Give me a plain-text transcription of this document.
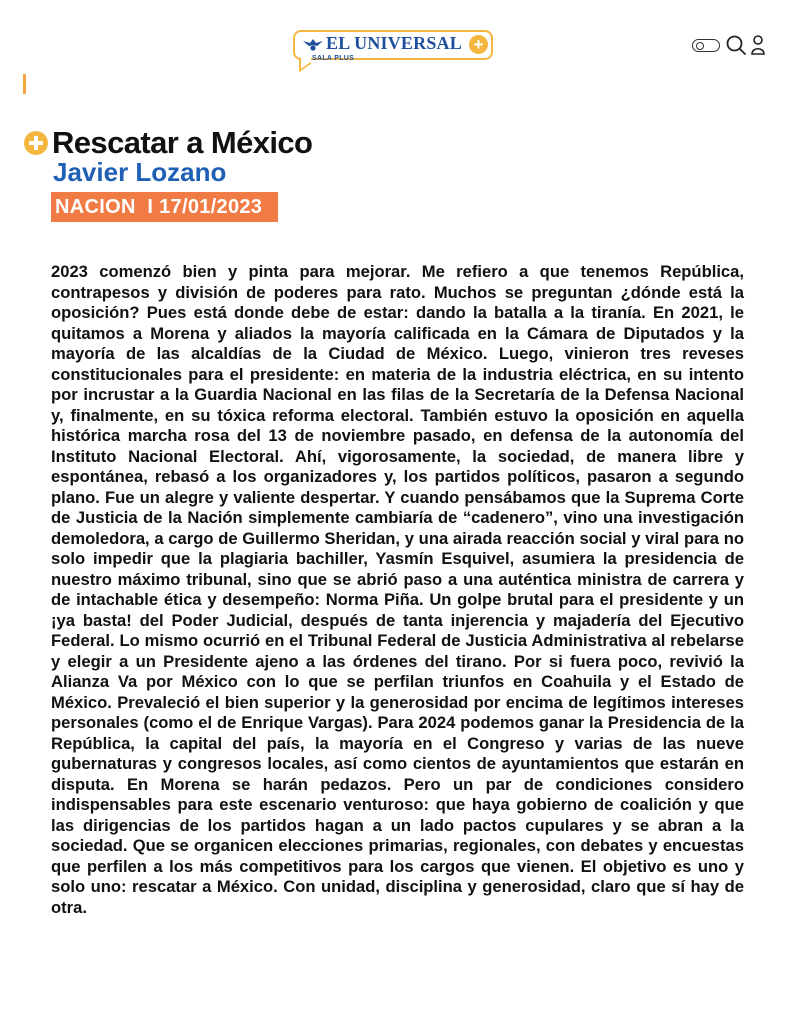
EL UNIVERSAL +
SALA PLUS
Rescatar a México
Javier Lozano
NACION  I 17/01/2023

2023 comenzó bien y pinta para mejorar. Me refiero a que tenemos República, contrapesos y división de poderes para rato. Muchos se preguntan ¿dónde está la oposición? Pues está donde debe de estar: dando la batalla a la tiranía. En 2021, le quitamos a Morena y aliados la mayoría calificada en la Cámara de Diputados y la mayoría de las alcaldías de la Ciudad de México. Luego, vinieron tres reveses constitucionales para el presidente: en materia de la industria eléctrica, en su intento por incrustar a la Guardia Nacional en las filas de la Secretaría de la Defensa Nacional y, finalmente, en su tóxica reforma electoral. También estuvo la oposición en aquella histórica marcha rosa del 13 de noviembre pasado, en defensa de la autonomía del Instituto Nacional Electoral. Ahí, vigorosamente, la sociedad, de manera libre y espontánea, rebasó a los organizadores y, los partidos políticos, pasaron a segundo plano. Fue un alegre y valiente despertar. Y cuando pensábamos que la Suprema Corte de Justicia de la Nación simplemente cambiaría de “cadenero”, vino una investigación demoledora, a cargo de Guillermo Sheridan, y una airada reacción social y viral para no solo impedir que la plagiaria bachiller, Yasmín Esquivel, asumiera la presidencia de nuestro máximo tribunal, sino que se abrió paso a una auténtica ministra de carrera y de intachable ética y desempeño: Norma Piña. Un golpe brutal para el presidente y un ¡ya basta! del Poder Judicial, después de tanta injerencia y majadería del Ejecutivo Federal. Lo mismo ocurrió en el Tribunal Federal de Justicia Administrativa al rebelarse y elegir a un Presidente ajeno a las órdenes del tirano. Por si fuera poco, revivió la Alianza Va por México con lo que se perfilan triunfos en Coahuila y el Estado de México. Prevaleció el bien superior y la generosidad por encima de legítimos intereses personales (como el de Enrique Vargas). Para 2024 podemos ganar la Presidencia de la República, la capital del país, la mayoría en el Congreso y varias de las nueve gubernaturas y congresos locales, así como cientos de ayuntamientos que estarán en disputa. En Morena se harán pedazos. Pero un par de condiciones considero indispensables para este escenario venturoso: que haya gobierno de coalición y que las dirigencias de los partidos hagan a un lado pactos cupulares y se abran a la sociedad. Que se organicen elecciones primarias, regionales, con debates y encuestas que perfilen a los más competitivos para los cargos que vienen. El objetivo es uno y solo uno: rescatar a México. Con unidad, disciplina y generosidad, claro que sí hay de otra.
